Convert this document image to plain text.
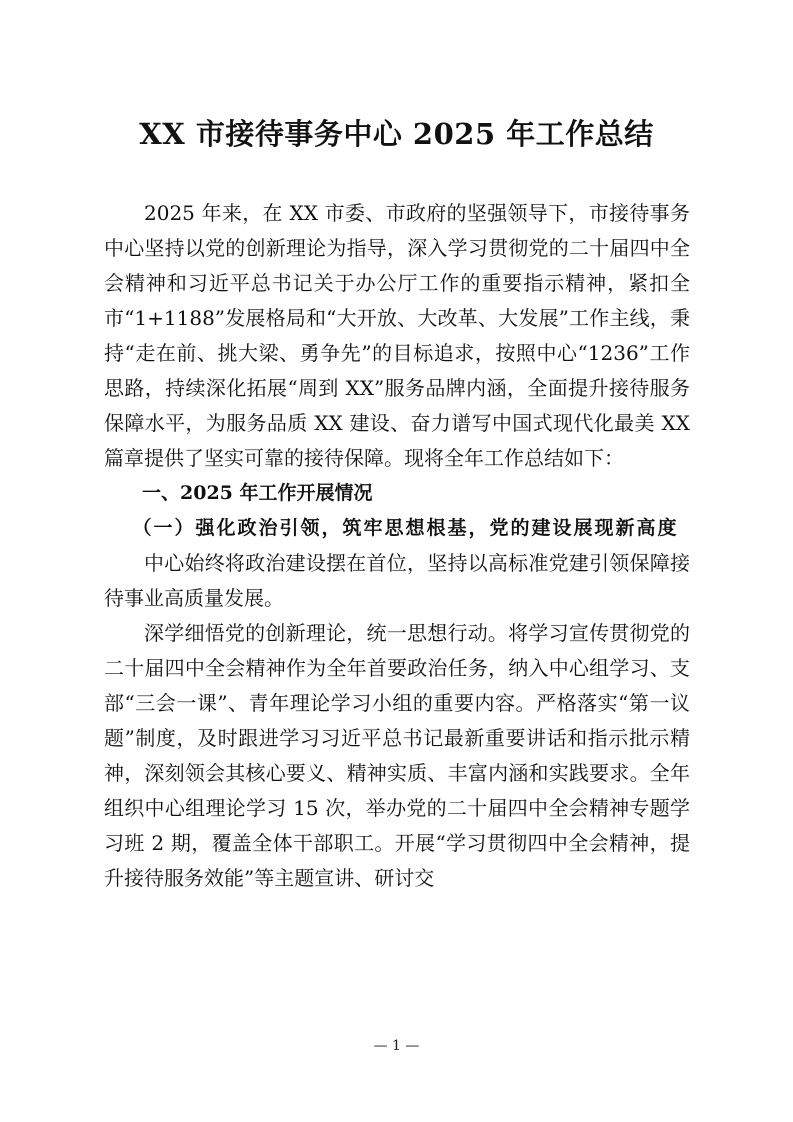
XX 市接待事务中心 2025 年工作总结

2025 年来，在 XX 市委、市政府的坚强领导下，市接待事务中心坚持以党的创新理论为指导，深入学习贯彻党的二十届四中全会精神和习近平总书记关于办公厅工作的重要指示精神，紧扣全市“1+1188”发展格局和“大开放、大改革、大发展”工作主线，秉持“走在前、挑大梁、勇争先”的目标追求，按照中心“1236”工作思路，持续深化拓展“周到 XX”服务品牌内涵，全面提升接待服务保障水平，为服务品质 XX 建设、奋力谱写中国式现代化最美 XX 篇章提供了坚实可靠的接待保障。现将全年工作总结如下：

一、2025 年工作开展情况

（一）强化政治引领，筑牢思想根基，党的建设展现新高度

中心始终将政治建设摆在首位，坚持以高标准党建引领保障接待事业高质量发展。

深学细悟党的创新理论，统一思想行动。将学习宣传贯彻党的二十届四中全会精神作为全年首要政治任务，纳入中心组学习、支部“三会一课”、青年理论学习小组的重要内容。严格落实“第一议题”制度，及时跟进学习习近平总书记最新重要讲话和指示批示精神，深刻领会其核心要义、精神实质、丰富内涵和实践要求。全年组织中心组理论学习 15 次，举办党的二十届四中全会精神专题学习班 2 期，覆盖全体干部职工。开展“学习贯彻四中全会精神，提升接待服务效能”等主题宣讲、研讨交

— 1 —
